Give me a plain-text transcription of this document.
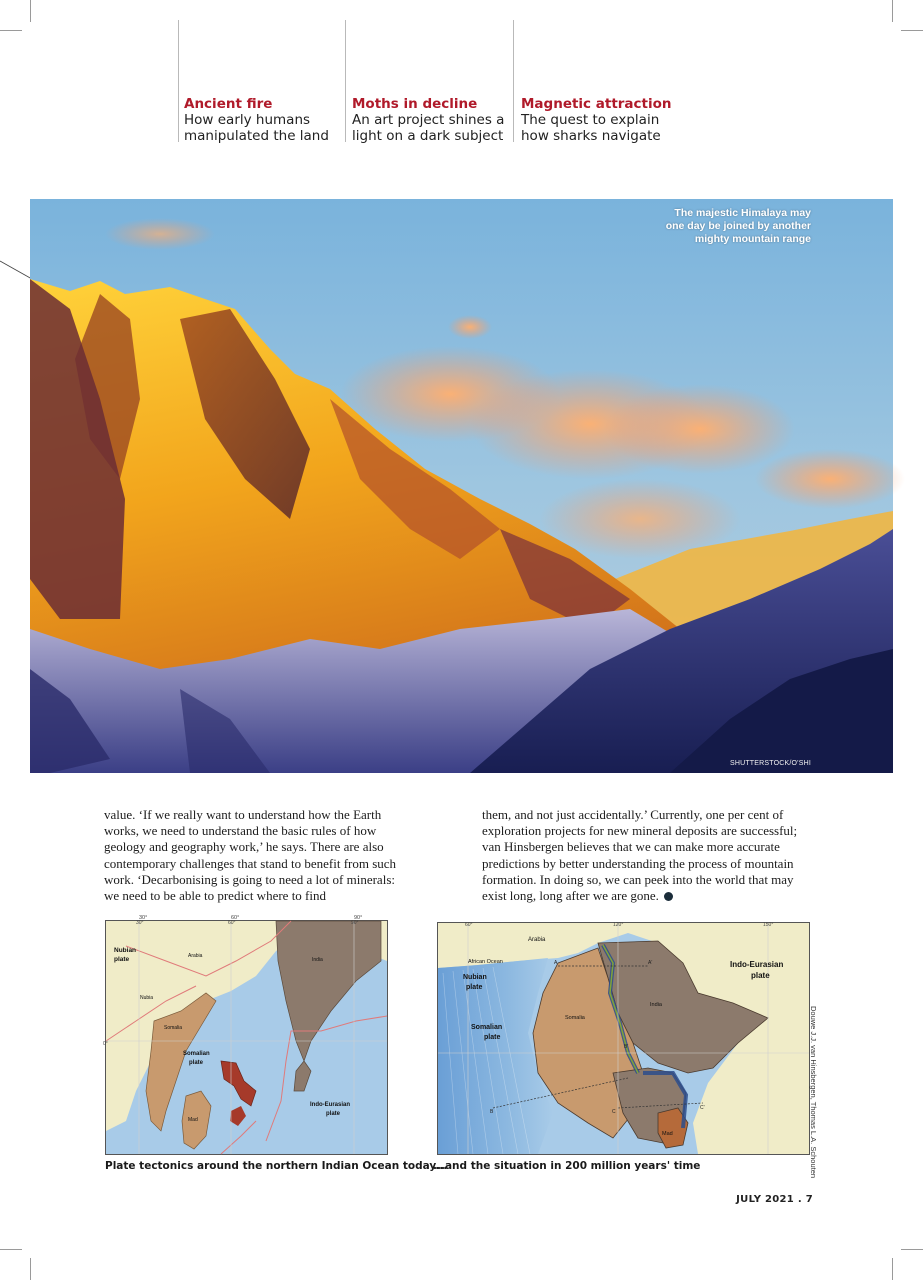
Ancient fire
How early humans
manipulated the land
Moths in decline
An art project shines a
light on a dark subject
Magnetic attraction
The quest to explain
how sharks navigate
The majestic Himalaya may
one day be joined by another
mighty mountain range
SHUTTERSTOCK/O'SHI

value. ‘If we really want to understand how the Earth works, we need to understand the basic rules of how geology and geography work,’ he says. There are also contemporary challenges that stand to benefit from such work. ‘Decarbonising is going to need a lot of minerals: we need to be able to predict where to find

them, and not just accidentally.’ Currently, one per cent of exploration projects for new mineral deposits are successful; van Hinsbergen believes that we can make more accurate predictions by better understanding the process of mountain formation. In doing so, we can peek into the world that may exist long, long after we are gone.

30°	60°	90°
30°	60°	90°
0°
Nubian
plate	Arabia
India
Nubia
Somalia
Somalian
plate
Mad
Indo-Eurasian
plate
Plate tectonics around the northern Indian Ocean today...
60°	120°	150°
Arabia
African Ocean
Nubian
plate
Somalian
plate
Somalia
India
Mad
Indo-Eurasian
plate
A	A'
B
B'
C
C'
...and the situation in 200 million years' time	Douwe J.J. van Hinsbergen, Thomas L.A. Schouten
JULY 2021 . 7
